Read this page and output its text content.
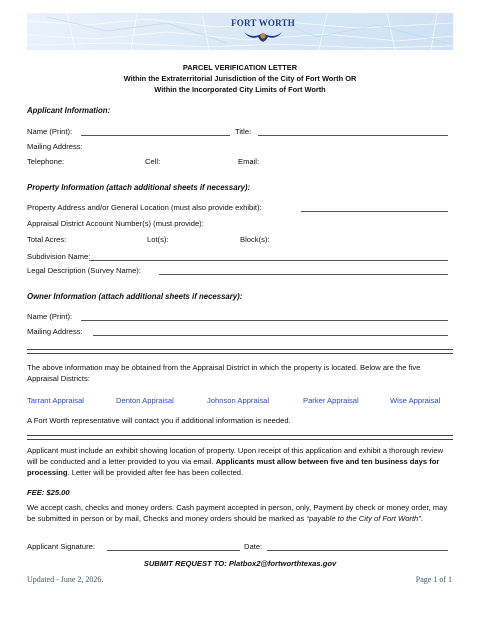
FORT WORTH
PARCEL VERIFICATION LETTER
Within the Extraterritorial Jurisdiction of the City of Fort Worth OR
Within the Incorporated City Limits of Fort Worth
Applicant Information:
Name (Print):	Title:
Mailing Address:
Telephone:	Cell:	Email:
Property Information (attach additional sheets if necessary):
Property Address and/or General Location (must also provide exhibit):
Appraisal District Account Number(s) (must provide):
Total Acres:	Lot(s):	Block(s):
Subdivision Name:
Legal Description (Survey Name):
Owner Information (attach additional sheets if necessary):
Name (Print):
Mailing Address:
The above information may be obtained from the Appraisal District in which the property is located. Below are the five Appraisal Districts:
Tarrant Appraisal	Denton Appraisal	Johnson Appraisal	Parker Appraisal	Wise Appraisal
A Fort Worth representative will contact you if additional information is needed.
Applicant must include an exhibit showing location of property. Upon receipt of this application and exhibit a thorough review will be conducted and a letter provided to you via email. Applicants must allow between five and ten business days for processing. Letter will be provided after fee has been collected.
FEE: $25.00
We accept cash, checks and money orders. Cash payment accepted in person, only, Payment by check or money order, may be submitted in person or by mail, Checks and money orders should be marked as “payable to the City of Fort Worth”.
Applicant Signature:	Date:
SUBMIT REQUEST TO: Platbox2@fortworthtexas.gov
Updated - June 2, 2026.	Page 1 of 1
